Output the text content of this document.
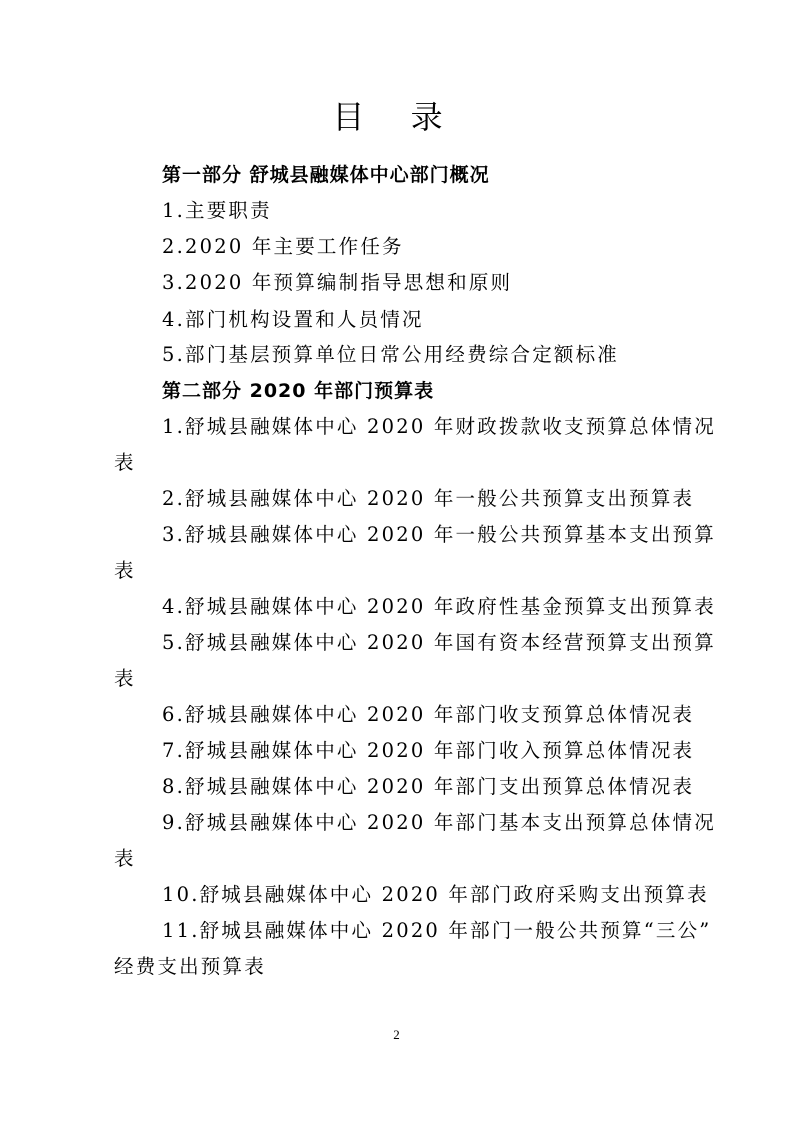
目 录
第一部分 舒城县融媒体中心部门概况
1.主要职责
2.2020 年主要工作任务
3.2020 年预算编制指导思想和原则
4.部门机构设置和人员情况
5.部门基层预算单位日常公用经费综合定额标准
第二部分 2020 年部门预算表
1.舒城县融媒体中心 2020 年财政拨款收支预算总体情况
表
2.舒城县融媒体中心 2020 年一般公共预算支出预算表
3.舒城县融媒体中心 2020 年一般公共预算基本支出预算
表
4.舒城县融媒体中心 2020 年政府性基金预算支出预算表
5.舒城县融媒体中心 2020 年国有资本经营预算支出预算
表
6.舒城县融媒体中心 2020 年部门收支预算总体情况表
7.舒城县融媒体中心 2020 年部门收入预算总体情况表
8.舒城县融媒体中心 2020 年部门支出预算总体情况表
9.舒城县融媒体中心 2020 年部门基本支出预算总体情况
表
10.舒城县融媒体中心 2020 年部门政府采购支出预算表
11.舒城县融媒体中心 2020 年部门一般公共预算“三公”
经费支出预算表
2
